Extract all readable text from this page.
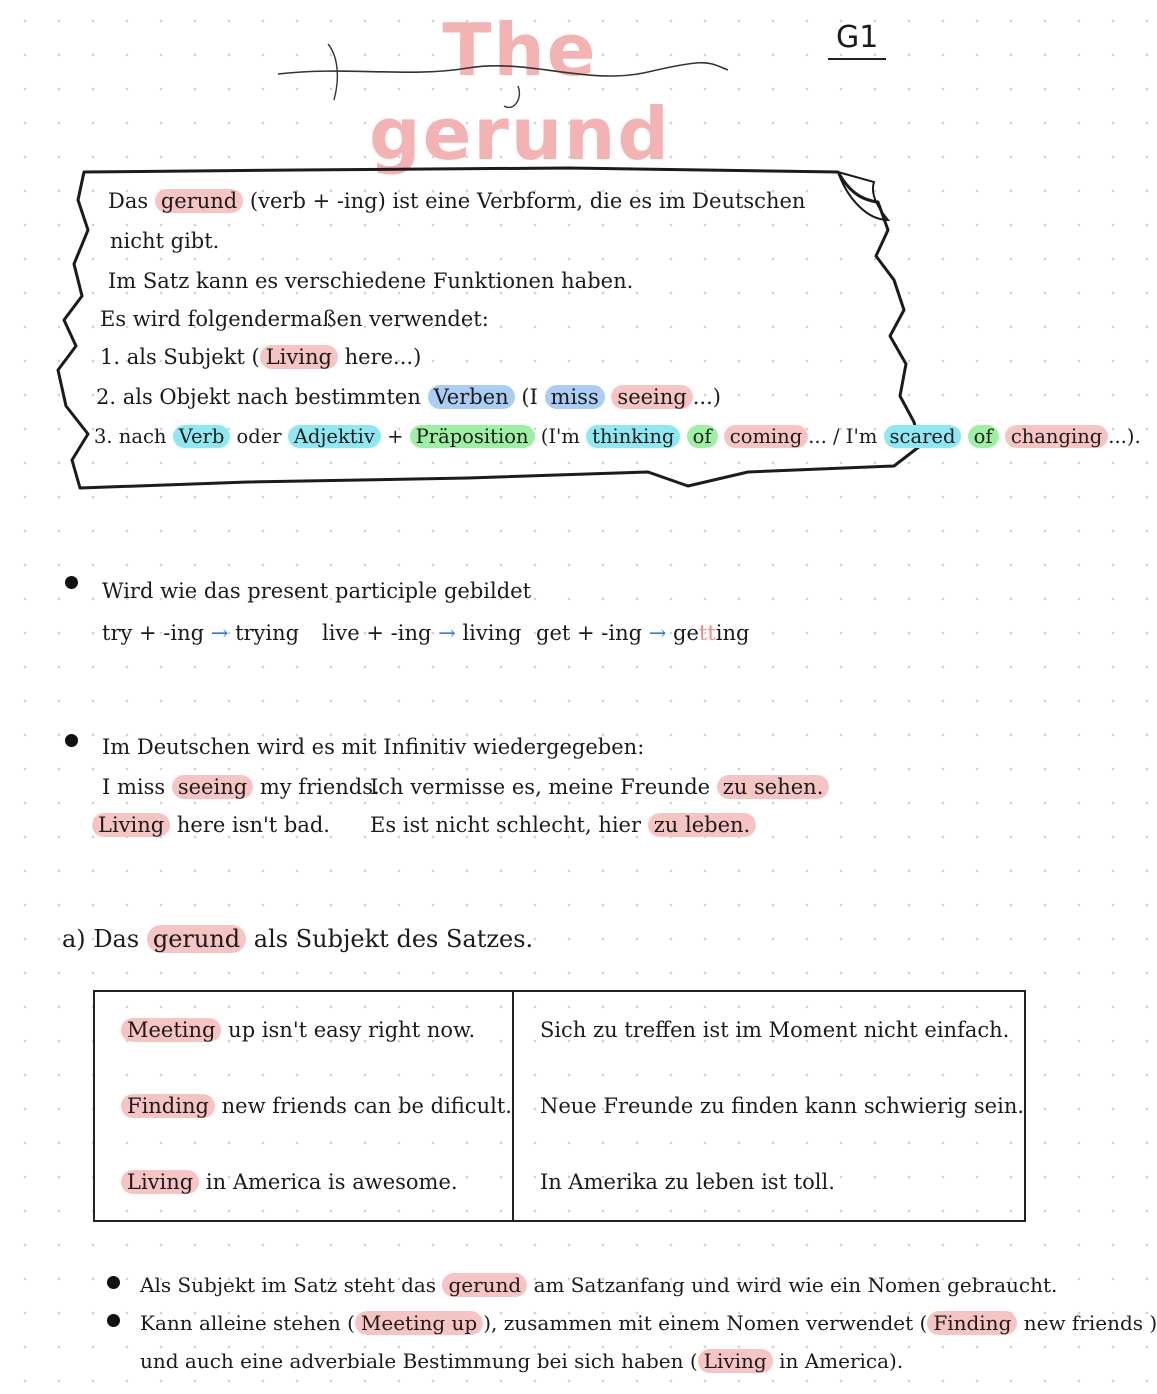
The gerund
G1
Das gerund (verb + -ing) ist eine Verbform, die es im Deutschen
nicht gibt.
Im Satz kann es verschiedene Funktionen haben.
Es wird folgendermaßen verwendet:
1. als Subjekt ( Living here...)
2. als Objekt nach bestimmten Verben (I miss seeing ...)
3. nach Verb oder Adjektiv + Präposition (I'm thinking of coming ... / I'm scared of changing ...).
Wird wie das present participle gebildet
try + -ing → trying live + -ing → living get + -ing → getting
Im Deutschen wird es mit Infinitiv wiedergegeben:
I miss seeing my friends.
Ich vermisse es, meine Freunde zu sehen.
Living here isn't bad. Es ist nicht schlecht, hier zu leben.
a) Das gerund als Subjekt des Satzes.
Meeting up isn't easy right now.	Sich zu treffen ist im Moment nicht einfach.
Finding new friends can be dificult.	Neue Freunde zu finden kann schwierig sein.
Living in America is awesome.	In Amerika zu leben ist toll.
Als Subjekt im Satz steht das gerund am Satzanfang und wird wie ein Nomen gebraucht.
Kann alleine stehen ( Meeting up ), zusammen mit einem Nomen verwendet ( Finding new friends )
und auch eine adverbiale Bestimmung bei sich haben ( Living in America).
